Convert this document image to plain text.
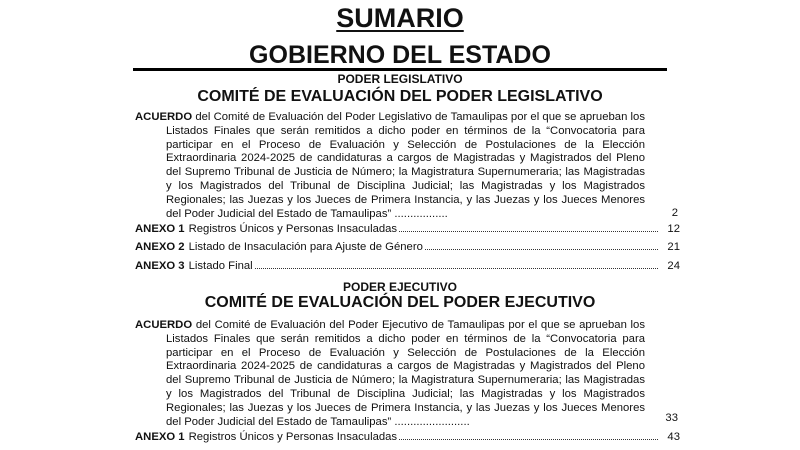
SUMARIO
GOBIERNO DEL ESTADO

PODER LEGISLATIVO

COMITÉ DE EVALUACIÓN DEL PODER LEGISLATIVO

ACUERDO del Comité de Evaluación del Poder Legislativo de Tamaulipas por el que se aprueban los Listados Finales que serán remitidos a dicho poder en términos de la “Convocatoria para participar en el Proceso de Evaluación y Selección de Postulaciones de la Elección Extraordinaria 2024-2025 de candidaturas a cargos de Magistradas y Magistrados del Pleno del Supremo Tribunal de Justicia de Número; la Magistratura Supernumeraria; las Magistradas y los Magistrados del Tribunal de Disciplina Judicial; las Magistradas y los Magistrados Regionales; las Juezas y los Jueces de Primera Instancia, y las Juezas y los Jueces Menores del Poder Judicial del Estado de Tamaulipas” .................	2
ANEXO 1 Registros Únicos y Personas Insaculadas	12
ANEXO 2 Listado de Insaculación para Ajuste de Género	21
ANEXO 3 Listado Final	24

PODER EJECUTIVO

COMITÉ DE EVALUACIÓN DEL PODER EJECUTIVO

ACUERDO del Comité de Evaluación del Poder Ejecutivo de Tamaulipas por el que se aprueban los Listados Finales que serán remitidos a dicho poder en términos de la “Convocatoria para participar en el Proceso de Evaluación y Selección de Postulaciones de la Elección Extraordinaria 2024-2025 de candidaturas a cargos de Magistradas y Magistrados del Pleno del Supremo Tribunal de Justicia de Número; la Magistratura Supernumeraria; las Magistradas y los Magistrados del Tribunal de Disciplina Judicial; las Magistradas y los Magistrados Regionales; las Juezas y los Jueces de Primera Instancia, y las Juezas y los Jueces Menores del Poder Judicial del Estado de Tamaulipas” ........................	33
ANEXO 1 Registros Únicos y Personas Insaculadas	43
